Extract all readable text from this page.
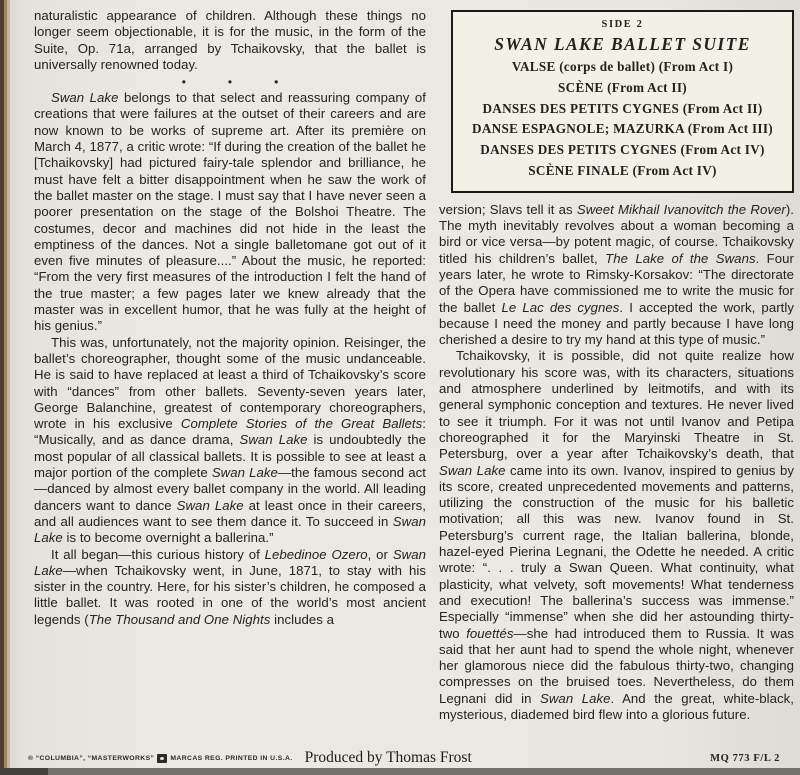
naturalistic appearance of children. Although these things no longer seem objectionable, it is for the music, in the form of the Suite, Op. 71a, arranged by Tchaikovsky, that the ballet is universally renowned today.

•	•	•

Swan Lake belongs to that select and reassuring company of creations that were failures at the outset of their careers and are now known to be works of supreme art. After its première on March 4, 1877, a critic wrote: “If during the creation of the ballet he [Tchaikovsky] had pictured fairy-tale splendor and brilliance, he must have felt a bitter disappointment when he saw the work of the ballet master on the stage. I must say that I have never seen a poorer presentation on the stage of the Bolshoi Theatre. The costumes, decor and machines did not hide in the least the emptiness of the dances. Not a single balletomane got out of it even five minutes of pleasure....” About the music, he reported: “From the very first measures of the introduction I felt the hand of the true master; a few pages later we knew already that the master was in excellent humor, that he was fully at the height of his genius.”

This was, unfortunately, not the majority opinion. Reisinger, the ballet’s choreographer, thought some of the music undanceable. He is said to have replaced at least a third of Tchaikovsky’s score with “dances” from other ballets. Seventy-seven years later, George Balanchine, greatest of contemporary choreographers, wrote in his exclusive Complete Stories of the Great Ballets: “Musically, and as dance drama, Swan Lake is undoubtedly the most popular of all classical ballets. It is possible to see at least a major portion of the complete Swan Lake—the famous second act—danced by almost every ballet company in the world. All leading dancers want to dance Swan Lake at least once in their careers, and all audiences want to see them dance it. To succeed in Swan Lake is to become overnight a ballerina.”

It all began—this curious history of Lebedinoe Ozero, or Swan Lake—when Tchaikovsky went, in June, 1871, to stay with his sister in the country. Here, for his sister’s children, he composed a little ballet. It was rooted in one of the world’s most ancient legends (The Thousand and One Nights includes a

SIDE 2
SWAN LAKE BALLET SUITE
VALSE (corps de ballet) (From Act I)
SCÈNE (From Act II)
DANSES DES PETITS CYGNES (From Act II)
DANSE ESPAGNOLE; MAZURKA (From Act III)
DANSES DES PETITS CYGNES (From Act IV)
SCÈNE FINALE (From Act IV)

version; Slavs tell it as Sweet Mikhail Ivanovitch the Rover). The myth inevitably revolves about a woman becoming a bird or vice versa—by potent magic, of course. Tchaikovsky titled his children’s ballet, The Lake of the Swans. Four years later, he wrote to Rimsky-Korsakov: “The directorate of the Opera have commissioned me to write the music for the ballet Le Lac des cygnes. I accepted the work, partly because I need the money and partly because I have long cherished a desire to try my hand at this type of music.”

Tchaikovsky, it is possible, did not quite realize how revolutionary his score was, with its characters, situations and atmosphere underlined by leitmotifs, and with its general symphonic conception and textures. He never lived to see it triumph. For it was not until Ivanov and Petipa choreographed it for the Maryinski Theatre in St. Petersburg, over a year after Tchaikovsky’s death, that Swan Lake came into its own. Ivanov, inspired to genius by its score, created unprecedented movements and patterns, utilizing the construction of the music for his balletic motivation; all this was new. Ivanov found in St. Petersburg’s current rage, the Italian ballerina, blonde, hazel-eyed Pierina Legnani, the Odette he needed. A critic wrote: “. . . truly a Swan Queen. What continuity, what plasticity, what velvety, soft movements! What tenderness and execution! The ballerina’s success was immense.” Especially “immense” when she did her astounding thirty-two fouettés—she had introduced them to Russia. It was said that her aunt had to spend the whole night, whenever her glamorous niece did the fabulous thirty-two, changing compresses on the bruised toes. Nevertheless, do them Legnani did in Swan Lake. And the great, white-black, mysterious, diademed bird flew into a glorious future.

® “COLUMBIA”, “MASTERWORKS” MARCAS REG. PRINTED IN U.S.A. Produced by Thomas Frost	MQ 773 F/L 2
